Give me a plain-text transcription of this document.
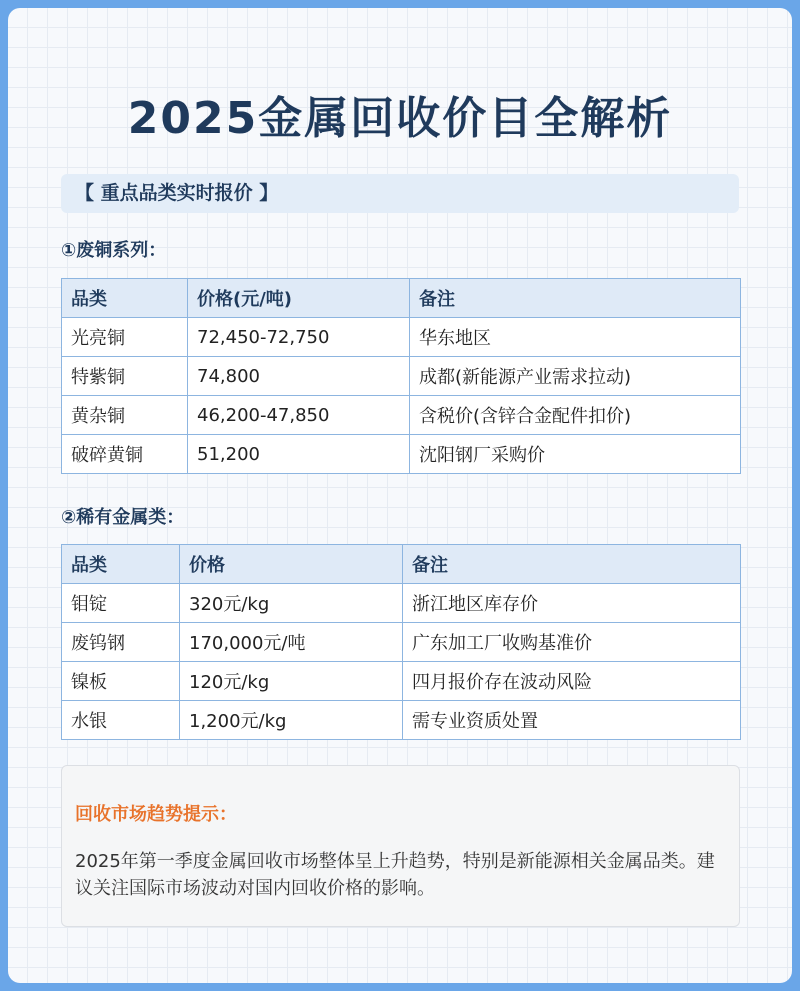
2025金属回收价目全解析
【 重点品类实时报价 】
①废铜系列：
品类	价格(元/吨)	备注
光亮铜	72,450-72,750	华东地区
特紫铜	74,800	成都(新能源产业需求拉动)
黄杂铜	46,200-47,850	含税价(含锌合金配件扣价)
破碎黄铜	51,200	沈阳钢厂采购价
②稀有金属类：
品类	价格	备注
钼锭	320元/kg	浙江地区库存价
废钨钢	170,000元/吨	广东加工厂收购基准价
镍板	120元/kg	四月报价存在波动风险
水银	1,200元/kg	需专业资质处置
回收市场趋势提示：
2025年第一季度金属回收市场整体呈上升趋势，特别是新能源相关金属品类。建议关注国际市场波动对国内回收价格的影响。
